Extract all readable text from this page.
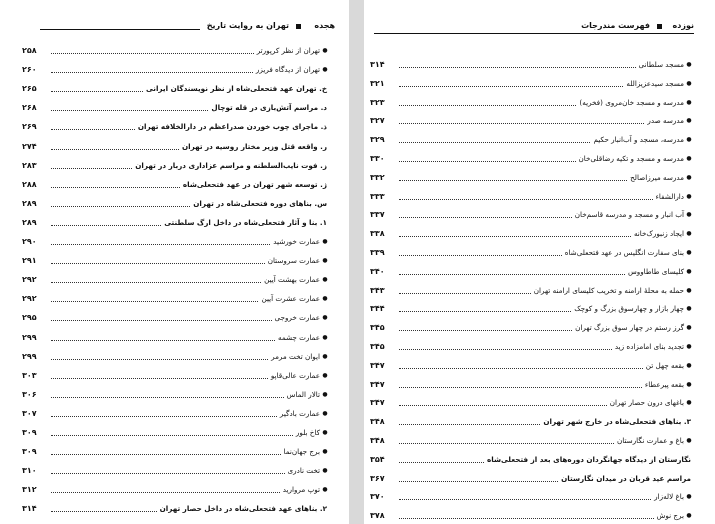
هجده
تهران به روایت تاریخ
●
تهران از نظر کرپورتر
۲۵۸
●
تهران از دیدگاه فریزر
۲۶۰
خ. تهران عهد فتحعلی‌شاه از نظر نویسندگان ایرانی
۲۶۵
د. مراسم آتش‌بازی در قله توچال
۲۶۸
ذ. ماجرای چوب خوردن صدراعظم در دارالخلافه تهران
۲۶۹
ر. واقعه قتل وزیر مختار روسیه در تهران
۲۷۴
ز. فوت نایب‌السلطنه و مراسم عزاداری دربار در تهران
۲۸۳
ژ. توسعه شهر تهران در عهد فتحعلی‌شاه
۲۸۸
س. بناهای دوره فتحعلی‌شاه در تهران
۲۸۹
۱. بنا و آثار فتحعلی‌شاه در داخل ارگ سلطنتی
۲۸۹
●
عمارت خورشید
۲۹۰
●
عمارت سروستان
۲۹۱
●
عمارت بهشت آیین
۲۹۲
●
عمارت عشرت آیین
۲۹۲
●
عمارت خروجی
۲۹۵
●
عمارت چشمه
۲۹۹
●
ایوان تخت مرمر
۲۹۹
●
عمارت عالی‌قاپو
۳۰۳
●
تالار الماس
۳۰۶
●
عمارت بادگیر
۳۰۷
●
کاخ بلور
۳۰۹
●
برج جهان‌نما
۳۰۹
●
تخت نادری
۳۱۰
●
توپ مروارید
۳۱۲
۲. بناهای عهد فتحعلی‌شاه در داخل حصار تهران
۳۱۴
نوزده
فهرست مندرجات
●
مسجد سلطانی
۳۱۴
●
مسجد سیدعزیزالله
۳۲۱
●
مدرسه و مسجد خان‌مروی (فخریه)
۳۲۳
●
مدرسه صدر
۳۲۷
●
مدرسه، مسجد و آب‌انبار حکیم
۳۲۹
●
مدرسه و مسجد و تکیه رضاقلی‌خان
۳۳۰
●
مدرسه میرزاصالح
۳۳۲
●
دارالشفاء
۳۳۳
●
آب انبار و مسجد و مدرسه قاسم‌خان
۳۳۷
●
ایجاد زنبورک‌خانه
۳۳۸
●
بنای سفارت انگلیس در عهد فتحعلی‌شاه
۳۳۹
●
کلیسای طاطاووس
۳۴۰
●
حمله به محلهٔ ارامنه و تخریب کلیسای ارامنه تهران
۳۴۳
●
چهار بازار و چهارسوق بزرگ و کوچک
۳۴۴
●
گرز رستم در چهار سوق بزرگ تهران
۳۴۵
●
تجدید بنای امامزاده زید
۳۴۵
●
بقعه چهل تن
۳۴۷
●
بقعه پیرعطاء
۳۴۷
●
باغهای درون حصار تهران
۳۴۷
۳. بناهای فتحعلی‌شاه در خارج شهر تهران
۳۴۸
●
باغ و عمارت نگارستان
۳۴۸
نگارستان از دیدگاه جهانگردان دوره‌های بعد از فتحعلی‌شاه
۳۵۴
مراسم عید قربان در میدان نگارستان
۳۶۷
●
باغ لاله‌زار
۳۷۰
●
برج نوش
۳۷۸
